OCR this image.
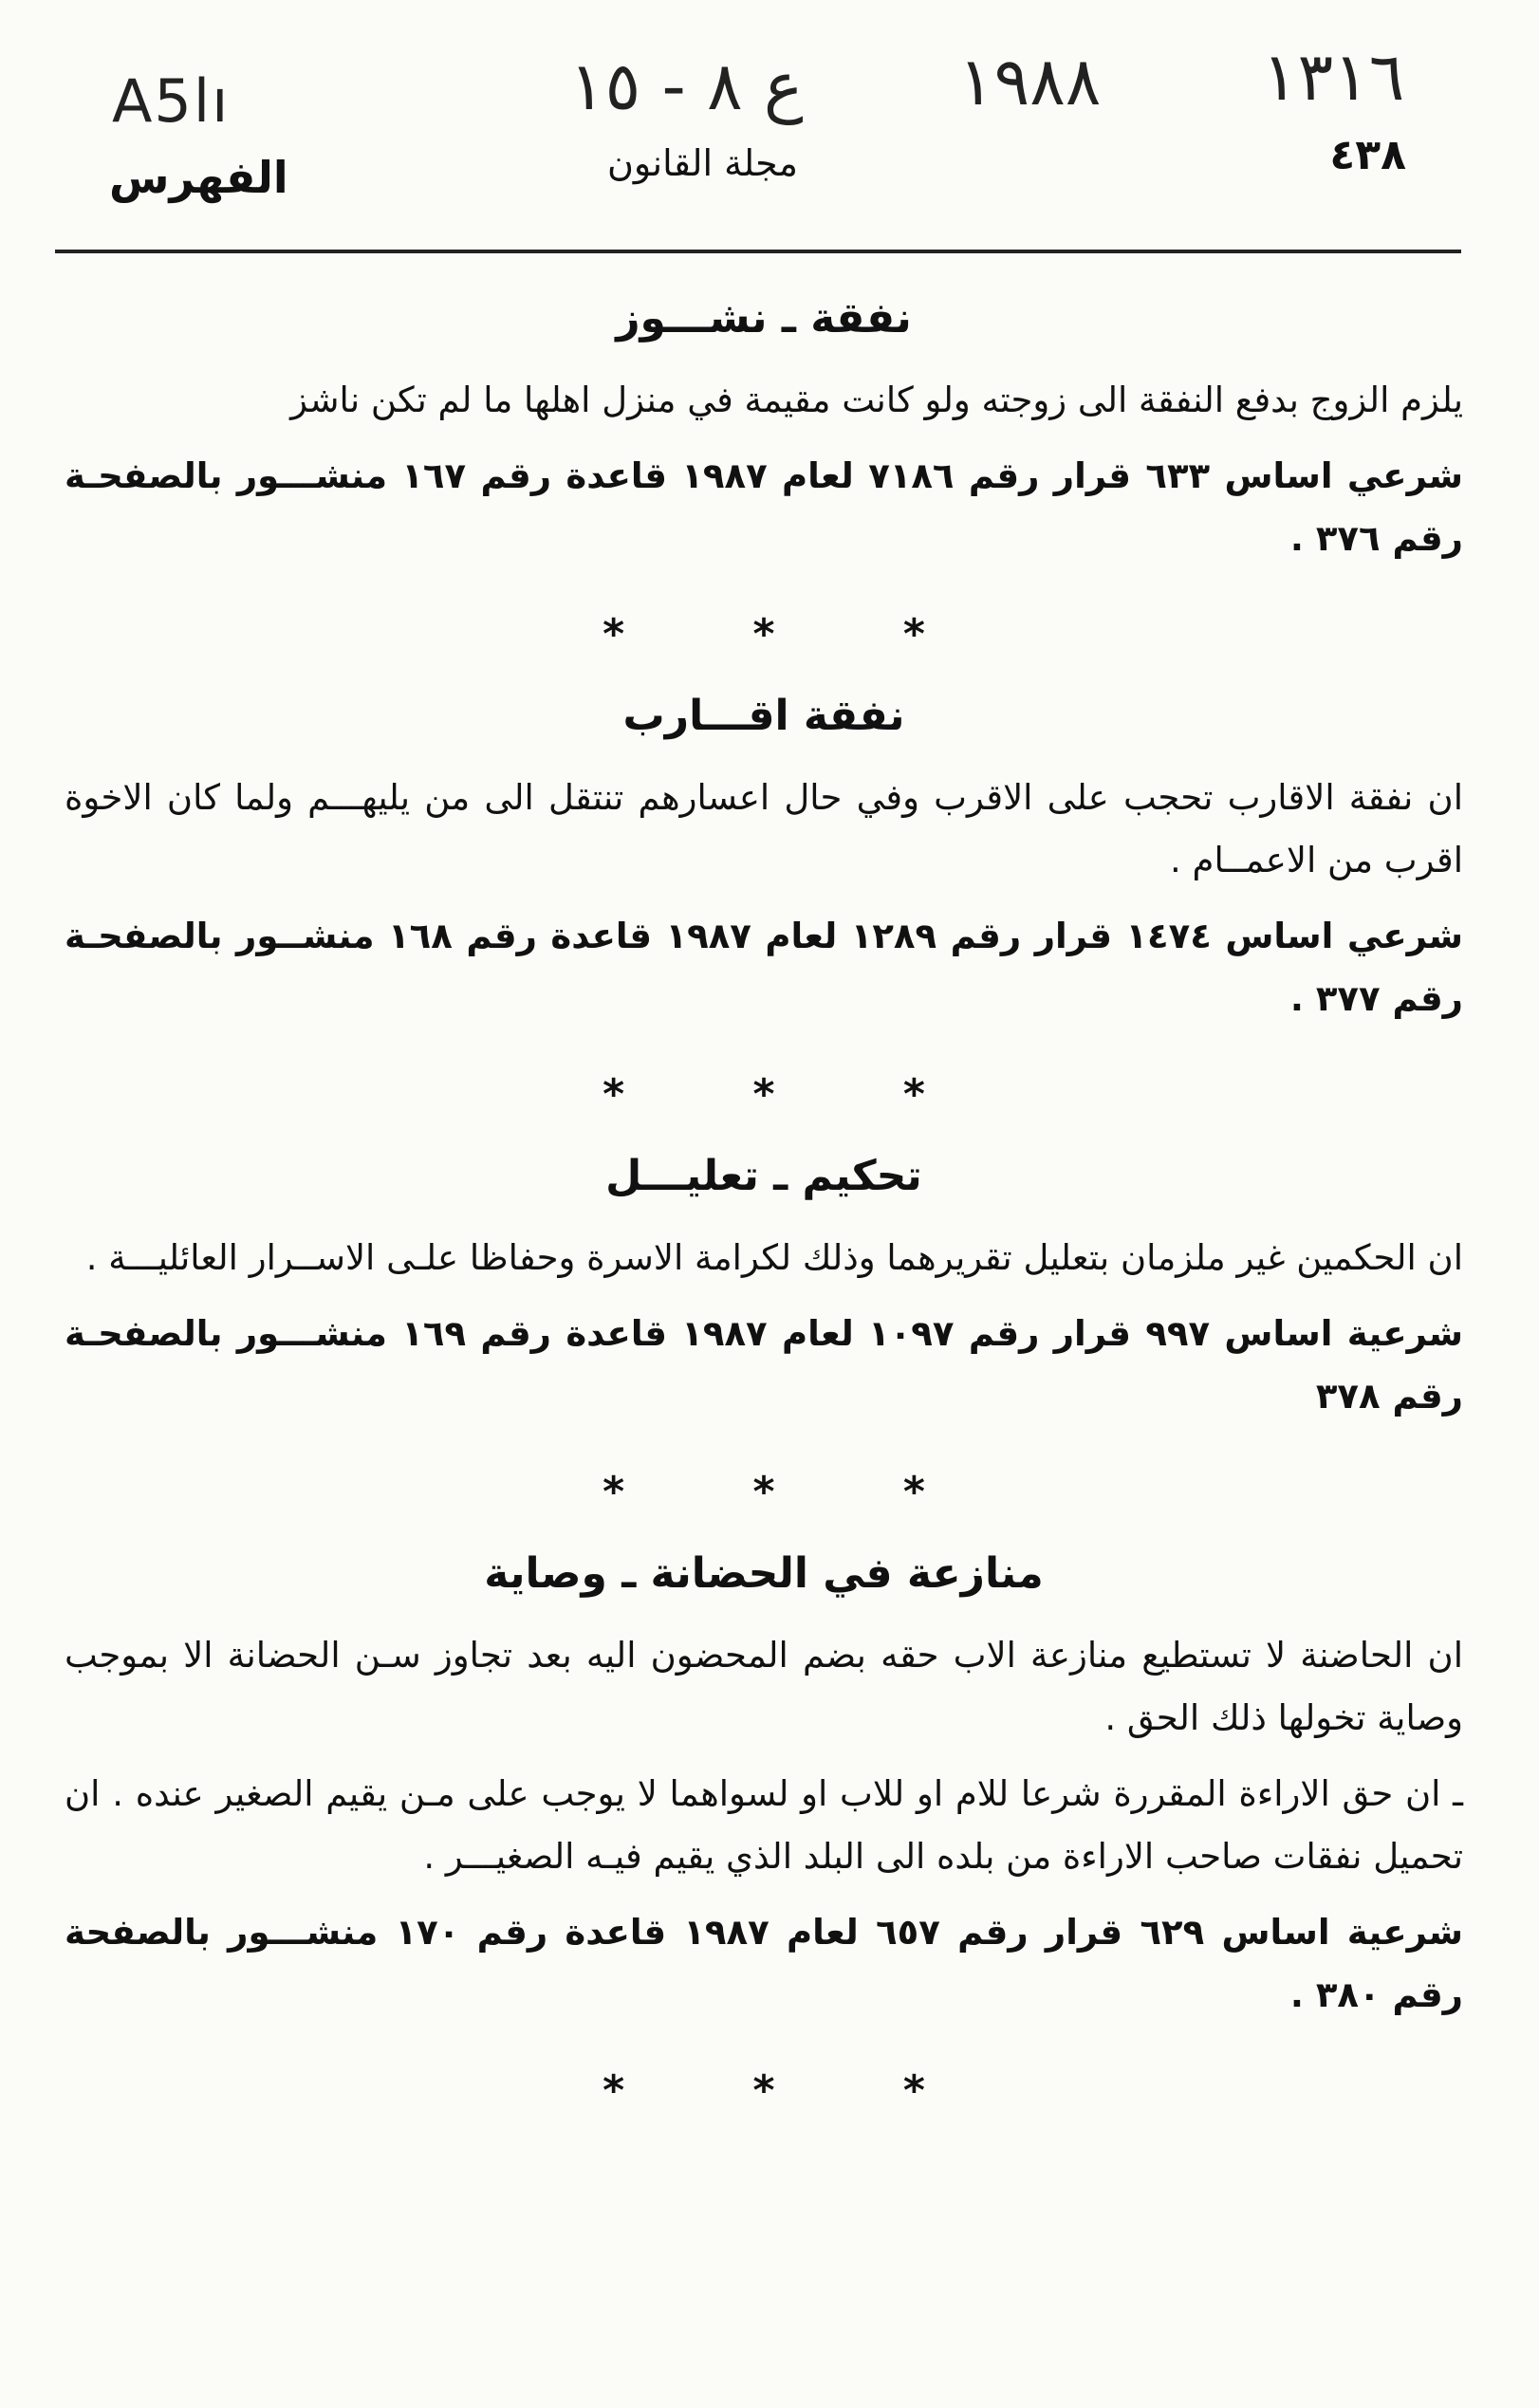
A5lı	ع ٨ - ١٥ ١٩٨٨ ١٣١٦
الفهرس	مجلة القانون	٤٣٨
نفقة ـ نشـــوز

يلزم الزوج بدفع النفقة الى زوجته ولو كانت مقيمة في منزل اهلها ما لم تكن ناشز

شرعي اساس ٦٣٣ قرار رقم ٧١٨٦ لعام ١٩٨٧ قاعدة رقم ١٦٧ منشـــور بالصفحـة رقم ٣٧٦ .

* * *
نفقة اقـــارب

ان نفقة الاقارب تحجب على الاقرب وفي حال اعسارهم تنتقل الى من يليهـــم ولما كان الاخوة اقرب من الاعمــام .

شرعي اساس ١٤٧٤ قرار رقم ١٢٨٩ لعام ١٩٨٧ قاعدة رقم ١٦٨ منشــور بالصفحـة رقم ٣٧٧ .

* * *
تحكيم ـ تعليـــل

ان الحكمين غير ملزمان بتعليل تقريرهما وذلك لكرامة الاسرة وحفاظا علـى الاســرار العائليـــة .

شرعية اساس ٩٩٧ قرار رقم ١٠٩٧ لعام ١٩٨٧ قاعدة رقم ١٦٩ منشـــور بالصفحـة رقم ٣٧٨

* * *
منازعة في الحضانة ـ وصاية

ان الحاضنة لا تستطيع منازعة الاب حقه بضم المحضون اليه بعد تجاوز سـن الحضانة الا بموجب وصاية تخولها ذلك الحق .

ـ ان حق الاراءة المقررة شرعا للام او للاب او لسواهما لا يوجب على مـن يقيم الصغير عنده . ان تحميل نفقات صاحب الاراءة من بلده الى البلد الذي يقيم فيـه الصغيـــر .

شرعية اساس ٦٢٩ قرار رقم ٦٥٧ لعام ١٩٨٧ قاعدة رقم ١٧٠ منشـــور بالصفحة رقم ٣٨٠ .

* * *
